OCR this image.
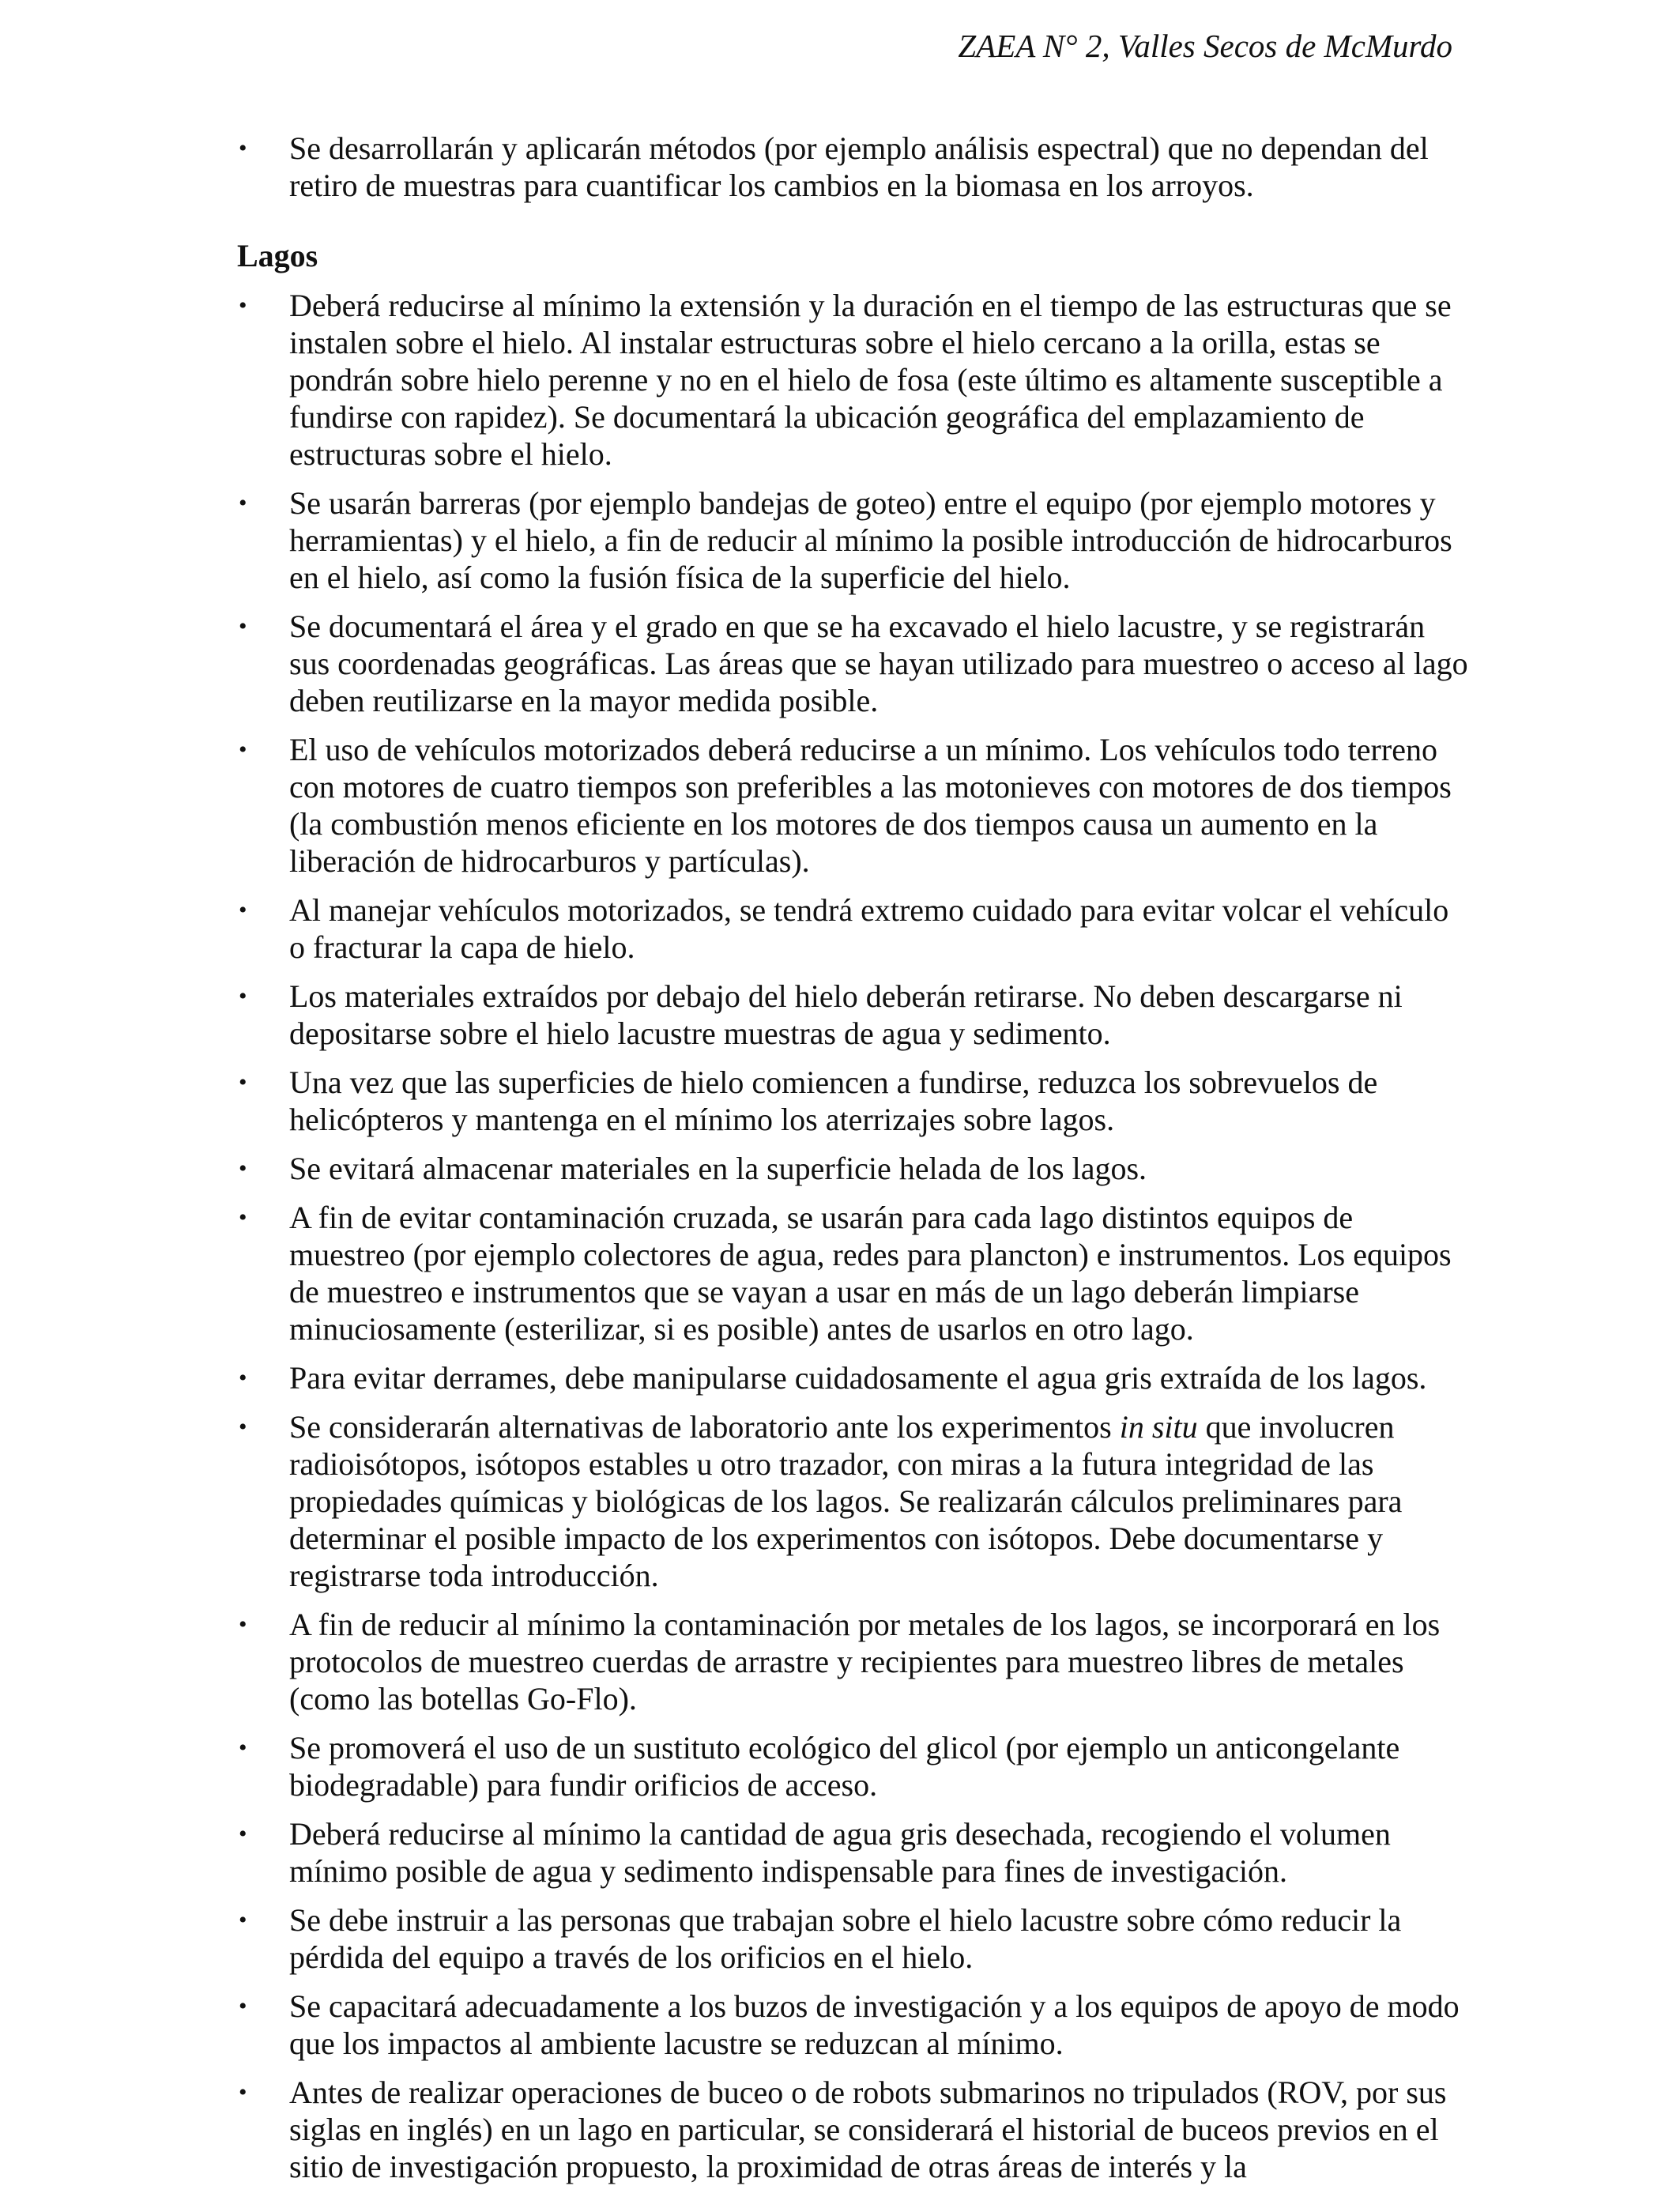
ZAEA N° 2, Valles Secos de McMurdo
•	Se desarrollarán y aplicarán métodos (por ejemplo análisis espectral) que no dependan del retiro de muestras para cuantificar los cambios en la biomasa en los arroyos.
Lagos
•	Deberá reducirse al mínimo la extensión y la duración en el tiempo de las estructuras que se instalen sobre el hielo. Al instalar estructuras sobre el hielo cercano a la orilla, estas se pondrán sobre hielo perenne y no en el hielo de fosa (este último es altamente susceptible a fundirse con rapidez). Se documentará la ubicación geográfica del emplazamiento de estructuras sobre el hielo.
•	Se usarán barreras (por ejemplo bandejas de goteo) entre el equipo (por ejemplo motores y herramientas) y el hielo, a fin de reducir al mínimo la posible introducción de hidrocarburos en el hielo, así como la fusión física de la superficie del hielo.
•	Se documentará el área y el grado en que se ha excavado el hielo lacustre, y se registrarán sus coordenadas geográficas. Las áreas que se hayan utilizado para muestreo o acceso al lago deben reutilizarse en la mayor medida posible.
•	El uso de vehículos motorizados deberá reducirse a un mínimo. Los vehículos todo terreno con motores de cuatro tiempos son preferibles a las motonieves con motores de dos tiempos (la combustión menos eficiente en los motores de dos tiempos causa un aumento en la liberación de hidrocarburos y partículas).
•	Al manejar vehículos motorizados, se tendrá extremo cuidado para evitar volcar el vehículo o fracturar la capa de hielo.
•	Los materiales extraídos por debajo del hielo deberán retirarse. No deben descargarse ni depositarse sobre el hielo lacustre muestras de agua y sedimento.
•	Una vez que las superficies de hielo comiencen a fundirse, reduzca los sobrevuelos de helicópteros y mantenga en el mínimo los aterrizajes sobre lagos.
•	Se evitará almacenar materiales en la superficie helada de los lagos.
•	A fin de evitar contaminación cruzada, se usarán para cada lago distintos equipos de muestreo (por ejemplo colectores de agua, redes para plancton) e instrumentos. Los equipos de muestreo e instrumentos que se vayan a usar en más de un lago deberán limpiarse minuciosamente (esterilizar, si es posible) antes de usarlos en otro lago.
•	Para evitar derrames, debe manipularse cuidadosamente el agua gris extraída de los lagos.
•	Se considerarán alternativas de laboratorio ante los experimentos in situ que involucren radioisótopos, isótopos estables u otro trazador, con miras a la futura integridad de las propiedades químicas y biológicas de los lagos. Se realizarán cálculos preliminares para determinar el posible impacto de los experimentos con isótopos. Debe documentarse y registrarse toda introducción.
•	A fin de reducir al mínimo la contaminación por metales de los lagos, se incorporará en los protocolos de muestreo cuerdas de arrastre y recipientes para muestreo libres de metales (como las botellas Go-Flo).
•	Se promoverá el uso de un sustituto ecológico del glicol (por ejemplo un anticongelante biodegradable) para fundir orificios de acceso.
•	Deberá reducirse al mínimo la cantidad de agua gris desechada, recogiendo el volumen mínimo posible de agua y sedimento indispensable para fines de investigación.
•	Se debe instruir a las personas que trabajan sobre el hielo lacustre sobre cómo reducir la pérdida del equipo a través de los orificios en el hielo.
•	Se capacitará adecuadamente a los buzos de investigación y a los equipos de apoyo de modo que los impactos al ambiente lacustre se reduzcan al mínimo.
•	Antes de realizar operaciones de buceo o de robots submarinos no tripulados (ROV, por sus siglas en inglés) en un lago en particular, se considerará el historial de buceos previos en el sitio de investigación propuesto, la proximidad de otras áreas de interés y la
